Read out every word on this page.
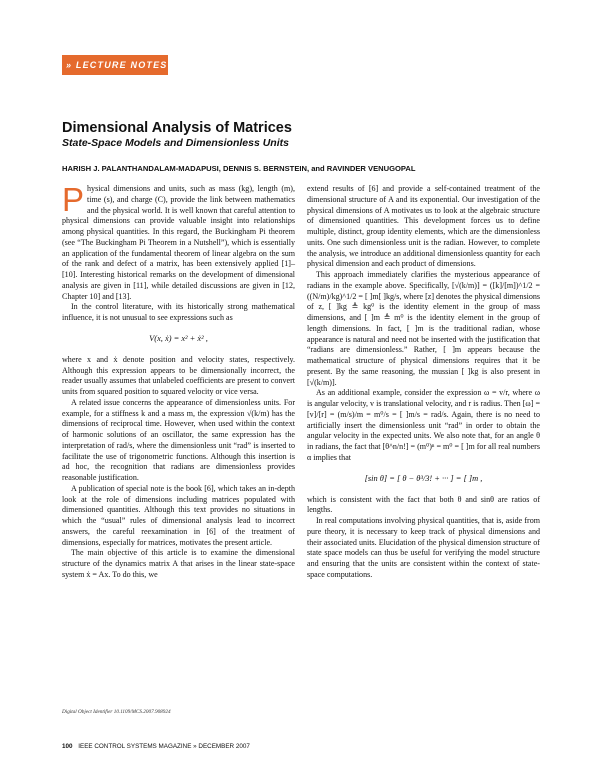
» LECTURE NOTES
Dimensional Analysis of Matrices
State-Space Models and Dimensionless Units
HARISH J. PALANTHANDALAM-MADAPUSI, DENNIS S. BERNSTEIN, and RAVINDER VENUGOPAL

Physical dimensions and units, such as mass (kg), length (m), time (s), and charge (C), provide the link between mathematics and the physical world. It is well known that careful attention to physical dimensions can provide valuable insight into relationships among physical quantities. In this regard, the Buckingham Pi theorem (see “The Buckingham Pi Theorem in a Nutshell”), which is essentially an application of the fundamental theorem of linear algebra on the sum of the rank and defect of a matrix, has been extensively applied [1]–[10]. Interesting historical remarks on the development of dimensional analysis are given in [11], while detailed discussions are given in [12, Chapter 10] and [13].

In the control literature, with its historically strong mathematical influence, it is not unusual to see expressions such as

V(x, ẋ) = x² + ẋ² ,

where x and ẋ denote position and velocity states, respectively. Although this expression appears to be dimensionally incorrect, the reader usually assumes that unlabeled coefficients are present to convert units from squared position to squared velocity or vice versa.

A related issue concerns the appearance of dimensionless units. For example, for a stiffness k and a mass m, the expression √(k/m) has the dimensions of reciprocal time. However, when used within the context of harmonic solutions of an oscillator, the same expression has the interpretation of rad/s, where the dimensionless unit “rad” is inserted to facilitate the use of trigonometric functions. Although this insertion is ad hoc, the recognition that radians are dimensionless provides reasonable justification.

A publication of special note is the book [6], which takes an in-depth look at the role of dimensions including matrices populated with dimensioned quantities. Although this text provides no situations in which the “usual” rules of dimensional analysis lead to incorrect answers, the careful reexamination in [6] of the treatment of dimensions, especially for matrices, motivates the present article.

The main objective of this article is to examine the dimensional structure of the dynamics matrix A that arises in the linear state-space system ẋ = Ax. To do this, we

extend results of [6] and provide a self-contained treatment of the dimensional structure of A and its exponential. Our investigation of the physical dimensions of A motivates us to look at the algebraic structure of dimensioned quantities. This development forces us to define multiple, distinct, group identity elements, which are the dimensionless units. One such dimensionless unit is the radian. However, to complete the analysis, we introduce an additional dimensionless quantity for each physical dimension and each product of dimensions.

This approach immediately clarifies the mysterious appearance of radians in the example above. Specifically, [√(k/m)] = ([k]/[m])^1/2 = ((N/m)/kg)^1/2 = [ ]m[ ]kg/s, where [z] denotes the physical dimensions of z, [ ]kg ≜ kg⁰ is the identity element in the group of mass dimensions, and [ ]m ≜ m⁰ is the identity element in the group of length dimensions. In fact, [ ]m is the traditional radian, whose appearance is natural and need not be inserted with the justification that “radians are dimensionless.” Rather, [ ]m appears because the mathematical structure of physical dimensions requires that it be present. By the same reasoning, the mussian [ ]kg is also present in [√(k/m)].

As an additional example, consider the expression ω = v/r, where ω is angular velocity, v is translational velocity, and r is radius. Then [ω] = [v]/[r] = (m/s)/m = m⁰/s = [ ]m/s = rad/s. Again, there is no need to artificially insert the dimensionless unit “rad” in order to obtain the angular velocity in the expected units. We also note that, for an angle θ in radians, the fact that [θ^n/n!] = (m⁰)ⁿ = m⁰ = [ ]m for all real numbers α implies that

[sin θ] = [ θ − θ³/3! + ··· ] = [ ]m ,

which is consistent with the fact that both θ and sinθ are ratios of lengths.

In real computations involving physical quantities, that is, aside from pure theory, it is necessary to keep track of physical dimensions and their associated units. Elucidation of the physical dimension structure of state space models can thus be useful for verifying the model structure and ensuring that the units are consistent within the context of state-space computations.

Digital Object Identifier 10.1109/MCS.2007.908924
100 IEEE CONTROL SYSTEMS MAGAZINE » DECEMBER 2007
